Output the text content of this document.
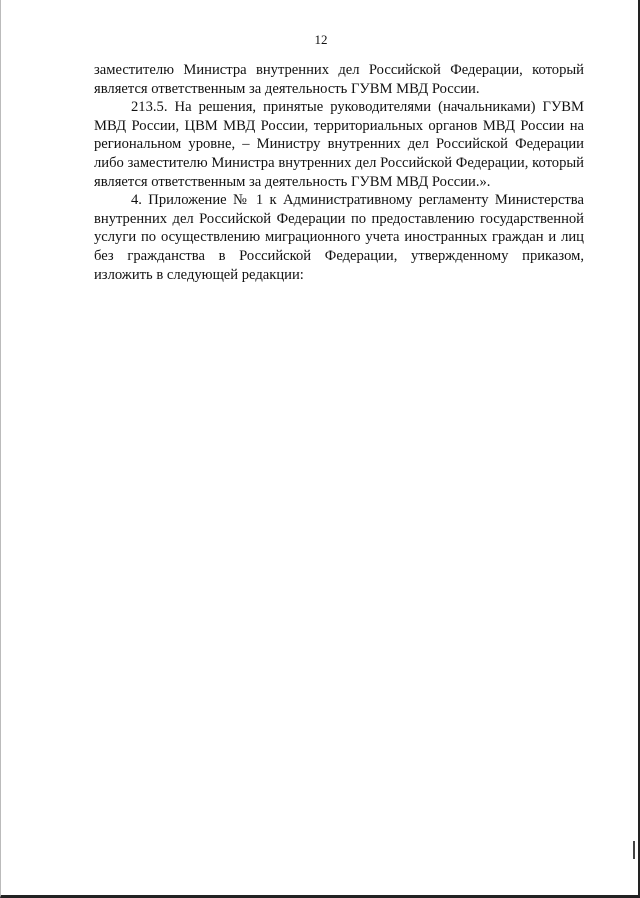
12

заместителю Министра внутренних дел Российской Федерации, который является ответственным за деятельность ГУВМ МВД России.

213.5. На решения, принятые руководителями (начальниками) ГУВМ МВД России, ЦВМ МВД России, территориальных органов МВД России на региональном уровне, – Министру внутренних дел Российской Федерации либо заместителю Министра внутренних дел Российской Федерации, который является ответственным за деятельность ГУВМ МВД России.».

4. Приложение № 1 к Административному регламенту Министерства внутренних дел Российской Федерации по предоставлению государственной услуги по осуществлению миграционного учета иностранных граждан и лиц без гражданства в Российской Федерации, утвержденному приказом, изложить в следующей редакции:
